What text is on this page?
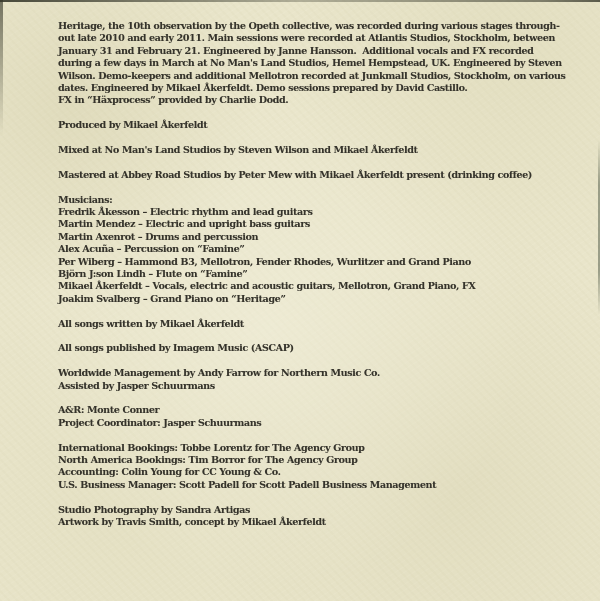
Heritage, the 10th observation by the Opeth collective, was recorded during various stages through-
out late 2010 and early 2011. Main sessions were recorded at Atlantis Studios, Stockholm, between
January 31 and February 21. Engineered by Janne Hansson.  Additional vocals and FX recorded
during a few days in March at No Man's Land Studios, Hemel Hempstead, UK. Engineered by Steven
Wilson. Demo-keepers and additional Mellotron recorded at Junkmall Studios, Stockholm, on various
dates. Engineered by Mikael Åkerfeldt. Demo sessions prepared by David Castillo.
FX in “Häxprocess” provided by Charlie Dodd.
Produced by Mikael Åkerfeldt
Mixed at No Man's Land Studios by Steven Wilson and Mikael Åkerfeldt
Mastered at Abbey Road Studios by Peter Mew with Mikael Åkerfeldt present (drinking coffee)
Musicians:
Fredrik Åkesson – Electric rhythm and lead guitars
Martin Mendez – Electric and upright bass guitars
Martin Axenrot – Drums and percussion
Alex Acuña – Percussion on “Famine”
Per Wiberg – Hammond B3, Mellotron, Fender Rhodes, Wurlitzer and Grand Piano
Björn J:son Lindh – Flute on “Famine”
Mikael Åkerfeldt – Vocals, electric and acoustic guitars, Mellotron, Grand Piano, FX
Joakim Svalberg – Grand Piano on “Heritage”
All songs written by Mikael Åkerfeldt
All songs published by Imagem Music (ASCAP)
Worldwide Management by Andy Farrow for Northern Music Co.
Assisted by Jasper Schuurmans
A&R: Monte Conner
Project Coordinator: Jasper Schuurmans
International Bookings: Tobbe Lorentz for The Agency Group
North America Bookings: Tim Borror for The Agency Group
Accounting: Colin Young for CC Young & Co.
U.S. Business Manager: Scott Padell for Scott Padell Business Management
Studio Photography by Sandra Artigas
Artwork by Travis Smith, concept by Mikael Åkerfeldt
